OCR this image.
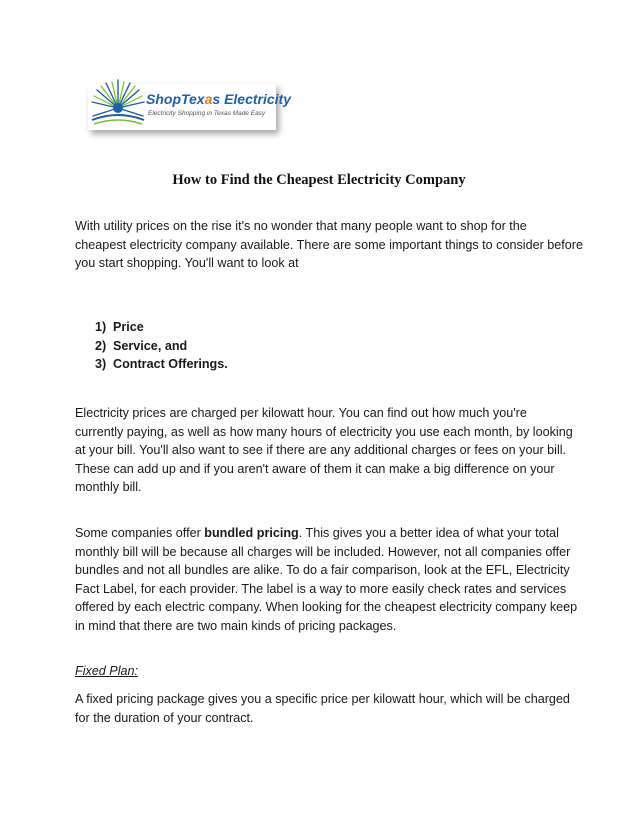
ShopTexas Electricity
Electricity Shopping in Texas Made Easy
How to Find the Cheapest Electricity Company
With utility prices on the rise it's no wonder that many people want to shop for the
cheapest electricity company available. There are some important things to consider before
you start shopping. You'll want to look at
1) Price
2) Service, and
3) Contract Offerings.
Electricity prices are charged per kilowatt hour. You can find out how much you're
currently paying, as well as how many hours of electricity you use each month, by looking
at your bill. You'll also want to see if there are any additional charges or fees on your bill.
These can add up and if you aren't aware of them it can make a big difference on your
monthly bill.
Some companies offer bundled pricing. This gives you a better idea of what your total
monthly bill will be because all charges will be included. However, not all companies offer
bundles and not all bundles are alike. To do a fair comparison, look at the EFL, Electricity
Fact Label, for each provider. The label is a way to more easily check rates and services
offered by each electric company. When looking for the cheapest electricity company keep
in mind that there are two main kinds of pricing packages.
Fixed Plan:
A fixed pricing package gives you a specific price per kilowatt hour, which will be charged
for the duration of your contract.
